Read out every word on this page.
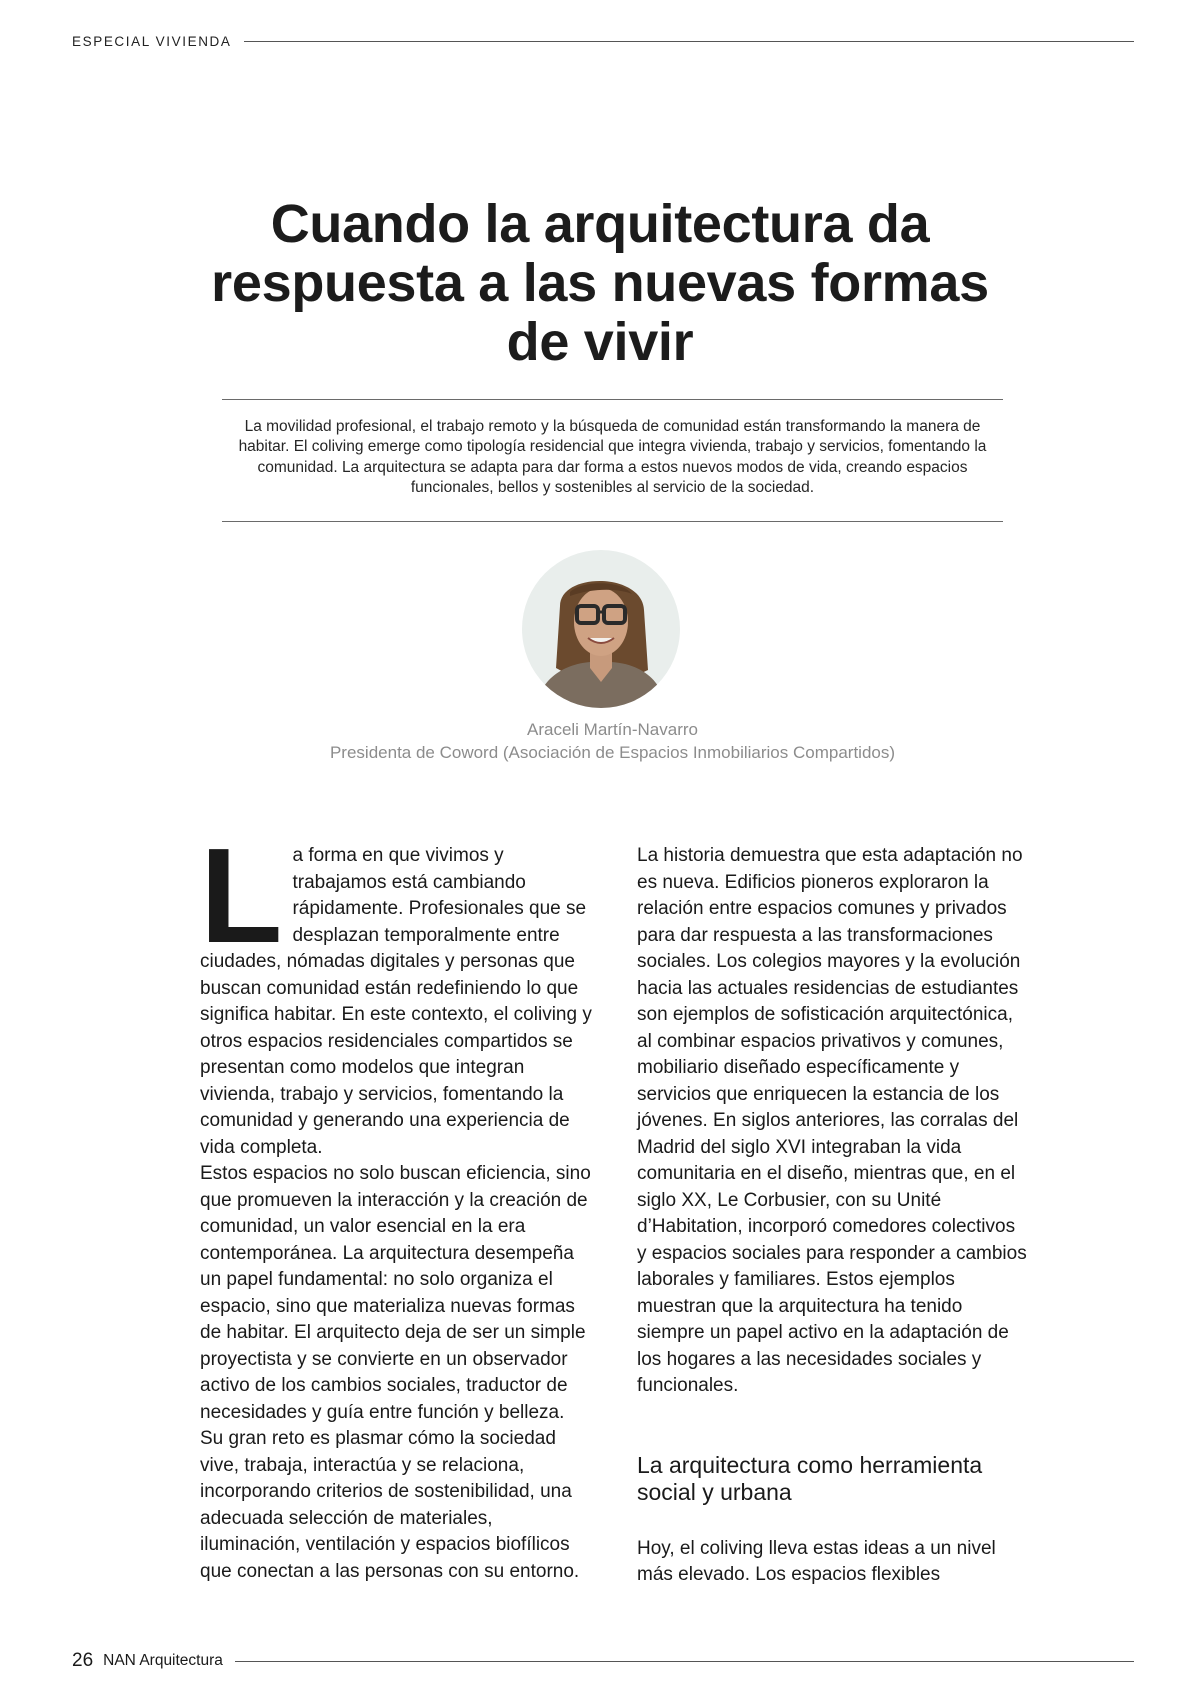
ESPECIAL VIVIENDA
Cuando la arquitectura da respuesta a las nuevas formas de vivir

La movilidad profesional, el trabajo remoto y la búsqueda de comunidad están transformando la manera de habitar. El coliving emerge como tipología residencial que integra vivienda, trabajo y servicios, fomentando la comunidad. La arquitectura se adapta para dar forma a estos nuevos modos de vida, creando espacios funcionales, bellos y sostenibles al servicio de la sociedad.

Araceli Martín-Navarro
Presidenta de Coword (Asociación de Espacios Inmobiliarios Compartidos)
L a forma en que vivimos y trabajamos está cambiando rápidamente. Profesionales que se desplazan temporalmente entre ciudades, nómadas digitales y personas que buscan comunidad están redefiniendo lo que significa habitar. En este contexto, el coliving y otros espacios residenciales compartidos se presentan como modelos que integran vivienda, trabajo y servicios, fomentando la comunidad y generando una experiencia de vida completa.

Estos espacios no solo buscan eficiencia, sino que promueven la interacción y la creación de comunidad, un valor esencial en la era contemporánea. La arquitectura desempeña un papel fundamental: no solo organiza el espacio, sino que materializa nuevas formas de habitar. El arquitecto deja de ser un simple proyectista y se convierte en un observador activo de los cambios sociales, traductor de necesidades y guía entre función y belleza. Su gran reto es plasmar cómo la sociedad vive, trabaja, interactúa y se relaciona, incorporando criterios de sostenibilidad, una adecuada selección de materiales, iluminación, ventilación y espacios biofílicos que conectan a las personas con su entorno.

La historia demuestra que esta adaptación no es nueva. Edificios pioneros exploraron la relación entre espacios comunes y privados para dar respuesta a las transformaciones sociales. Los colegios mayores y la evolución hacia las actuales residencias de estudiantes son ejemplos de sofisticación arquitectónica, al combinar espacios privativos y comunes, mobiliario diseñado específicamente y servicios que enriquecen la estancia de los jóvenes. En siglos anteriores, las corralas del Madrid del siglo XVI integraban la vida comunitaria en el diseño, mientras que, en el siglo XX, Le Corbusier, con su Unité d’Habitation, incorporó comedores colectivos y espacios sociales para responder a cambios laborales y familiares. Estos ejemplos muestran que la arquitectura ha tenido siempre un papel activo en la adaptación de los hogares a las necesidades sociales y funcionales.

La arquitectura como herramienta social y urbana

Hoy, el coliving lleva estas ideas a un nivel más elevado. Los espacios flexibles

26 NAN Arquitectura
